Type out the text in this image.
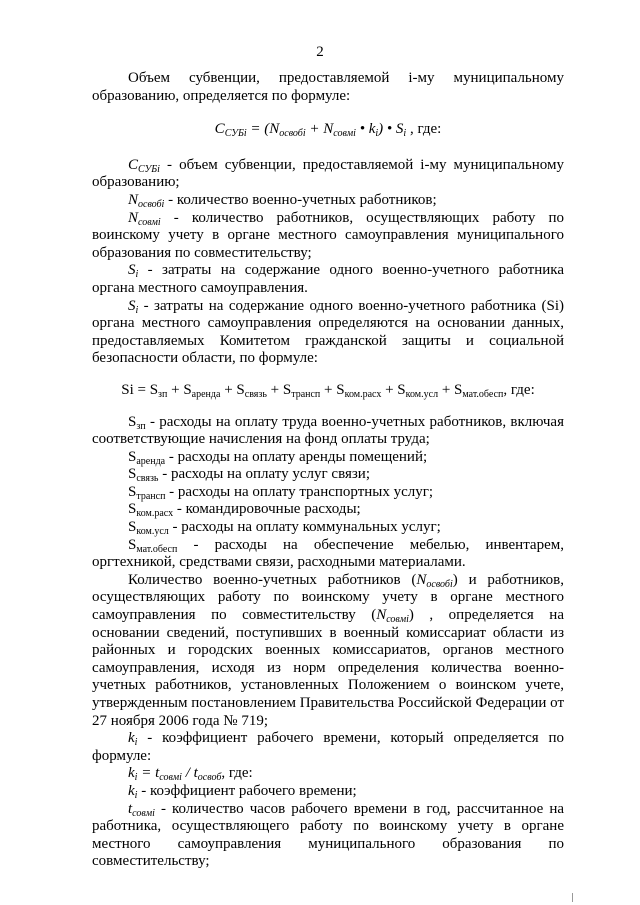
2

Объем субвенции, предоставляемой i-му муниципальному образованию, определяется по формуле:

$C_{СУБi} = (N_{освобi} + N_{совмi}$ • $k_i$) • $S_i$ , где:

$С_{СУБi}$ - объем субвенции, предоставляемой i-му муниципальному образованию;

$N_{освобi}$ - количество военно-учетных работников;

$N_{совмi}$ - количество работников, осуществляющих работу по воинскому учету в органе местного самоуправления муниципального образования по совместительству;

$S_i$ - затраты на содержание одного военно-учетного работника органа местного самоуправления.

$S_i$ - затраты на содержание одного военно-учетного работника (Si) органа местного самоуправления определяются на основании данных, предоставляемых Комитетом гражданской защиты и социальной безопасности области, по формуле:

$Si = S_{зп} + S_{аренда} + S_{связь} + S_{трансп} + S_{ком.расх} + S_{ком.усл} + S_{мат.обесп}$, где:

$S_{зп}$ - расходы на оплату труда военно-учетных работников, включая соответствующие начисления на фонд оплаты труда;

$S_{аренда}$ - расходы на оплату аренды помещений;

$S_{связь}$ - расходы на оплату услуг связи;

$S_{трансп}$ - расходы на оплату транспортных услуг;

$S_{ком.расх}$ - командировочные расходы;

$S_{ком.усл}$ - расходы на оплату коммунальных услуг;

$S_{мат.обесп}$ - расходы на обеспечение мебелью, инвентарем, оргтехникой, средствами связи, расходными материалами.

Количество военно-учетных работников $(N_{освобi})$ и работников, осуществляющих работу по воинскому учету в органе местного самоуправления по совместительству $(N_{совмi})$ , определяется на основании сведений, поступивших в военный комиссариат области из районных и городских военных комиссариатов, органов местного самоуправления, исходя из норм определения количества военно-учетных работников, установленных Положением о воинском учете, утвержденным постановлением Правительства Российской Федерации от 27 ноября 2006 года № 719;

$k_i$ - коэффициент рабочего времени, который определяется по формуле:

$k_i = t_{совмi} / t_{освоб}$, где:

$k_i$ - коэффициент рабочего времени;

$t_{совмi}$ - количество часов рабочего времени в год, рассчитанное на работника, осуществляющего работу по воинскому учету в органе местного самоуправления муниципального образования по совместительству;
